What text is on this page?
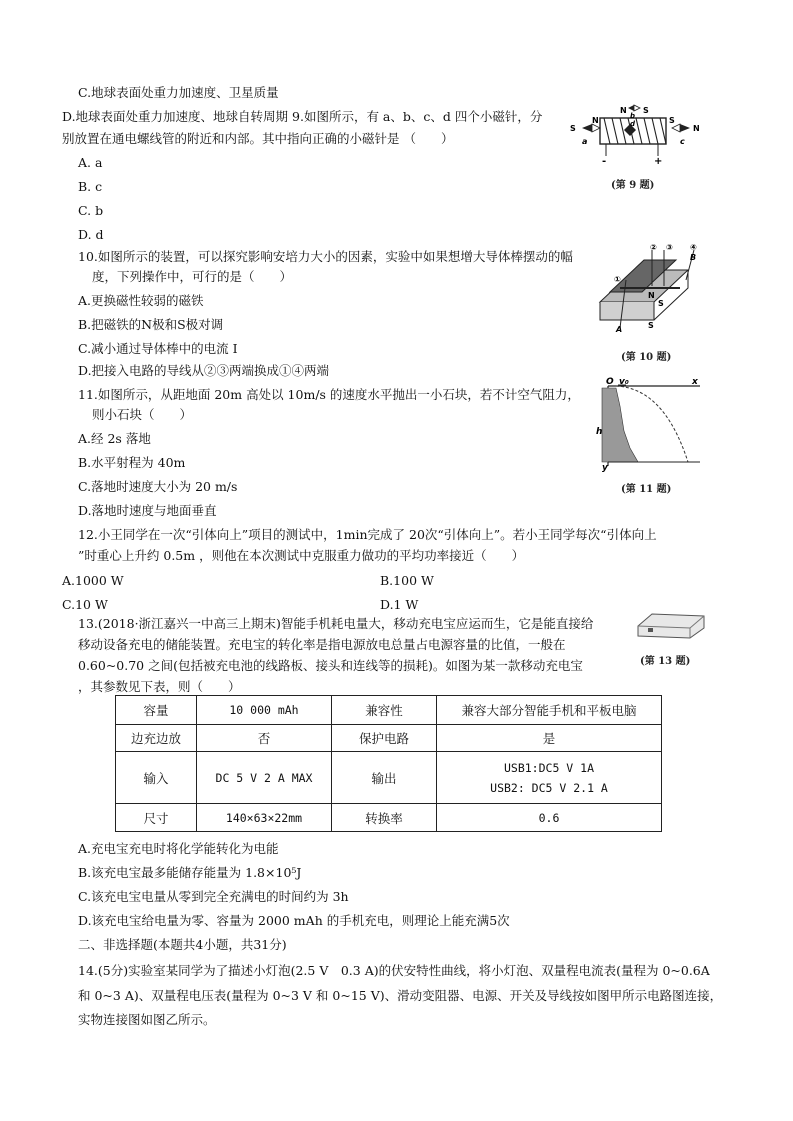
C.地球表面处重力加速度、卫星质量
D.地球表面处重力加速度、地球自转周期 9.如图所示，有 a、b、c、d 四个小磁针，分
别放置在通电螺线管的附近和内部。其中指向正确的小磁针是 （　　）
A. a
B. c
C. b
D. d
S
N
N S
S
N
a
d
b
c
-	+
(第 9 题)
10.如图所示的装置，可以探究影响安培力大小的因素，实验中如果想增大导体棒摆动的幅
度，下列操作中，可行的是（　　）
A.更换磁性较弱的磁铁
B.把磁铁的N极和S极对调
C.减小通过导体棒中的电流 I
D.把接入电路的导线从②③两端换成①④两端
①
② ③ ④
B
N
S
A	S
(第 10 题)
11.如图所示，从距地面 20m 高处以 10m/s 的速度水平抛出一小石块，若不计空气阻力，
则小石块（　　）
A.经 2s 落地
B.水平射程为 40m
C.落地时速度大小为 20 m/s
D.落地时速度与地面垂直
O v₀	x
h
y
(第 11 题)
12.小王同学在一次“引体向上”项目的测试中，1min完成了 20次“引体向上”。若小王同学每次“引体向上
”时重心上升约 0.5m ，则他在本次测试中克服重力做功的平均功率接近（　　）
A.1000 W	B.100 W
C.10 W	D.1 W
13.(2018·浙江嘉兴一中高三上期末)智能手机耗电量大，移动充电宝应运而生，它是能直接给
移动设备充电的储能装置。充电宝的转化率是指电源放电总量占电源容量的比值，一般在
0.60~0.70 之间(包括被充电池的线路板、接头和连线等的损耗)。如图为某一款移动充电宝
，其参数见下表，则（　　）
(第 13 题)
容量	10 000 mAh	兼容性	兼容大部分智能手机和平板电脑
边充边放	否	保护电路	是
输入	DC 5 V 2 A MAX	输出	USB1:DC5 V 1A
USB2: DC5 V 2.1 A

尺寸	140×63×22mm	转换率	0.6
A.充电宝充电时将化学能转化为电能
B.该充电宝最多能储存能量为 1.8×10⁵J
C.该充电宝电量从零到完全充满电的时间约为 3h
D.该充电宝给电量为零、容量为 2000 mAh 的手机充电，则理论上能充满5次
二、非选择题(本题共4小题，共31分)
14.(5分)实验室某同学为了描述小灯泡(2.5 V　0.3 A)的伏安特性曲线，将小灯泡、双量程电流表(量程为 0~0.6A
和 0~3 A)、双量程电压表(量程为 0~3 V 和 0~15 V)、滑动变阻器、电源、开关及导线按如图甲所示电路图连接，
实物连接图如图乙所示。
